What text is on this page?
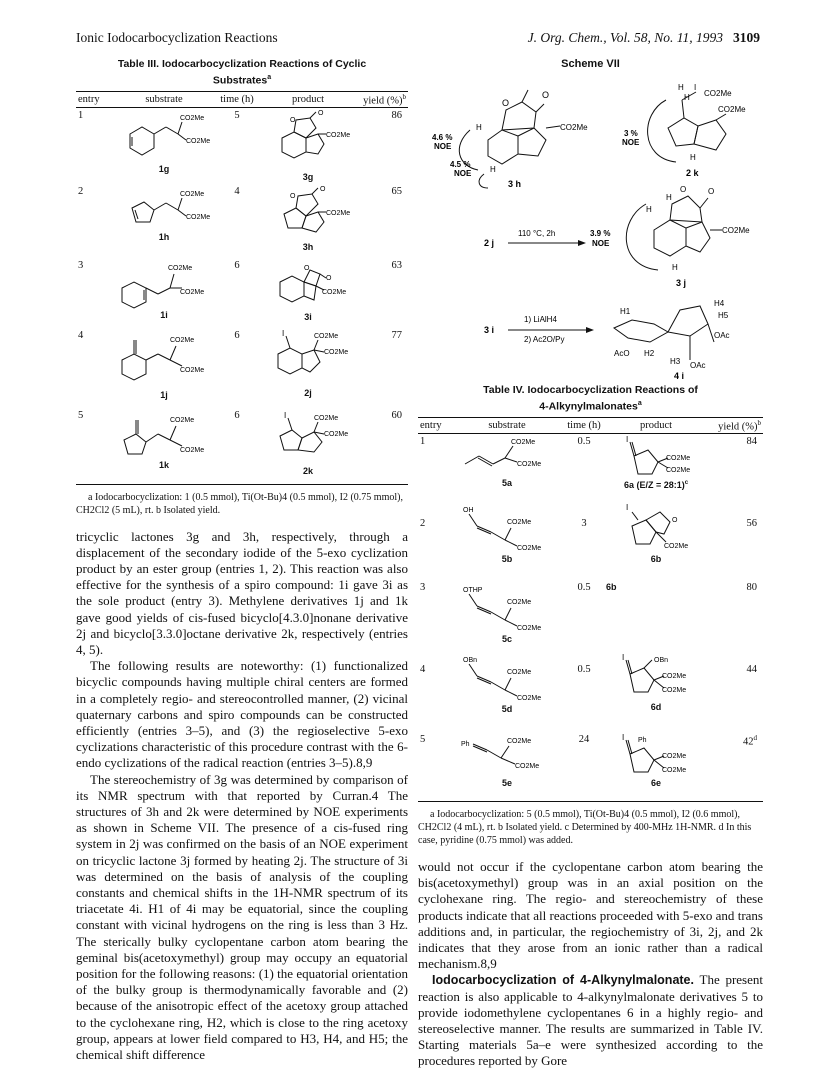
Ionic Iodocarbocyclization Reactions	J. Org. Chem., Vol. 58, No. 11, 1993 3109
Table III. Iodocarbocyclization Reactions of Cyclic
Substrates$^a$
entry	substrate	time (h)	product	yield (%)$^b$
1	CO2Me
CO2Me
1g	5	O
O
CO2Me
3g	86
2	CO2Me
CO2Me
1h	4	O
O
CO2Me
3h	65
3	CO2Me
CO2Me
1i	6	O
O
CO2Me
3i	63
4	CO2Me
CO2Me
1j	6	I CO2Me
CO2Me
2j	77
5	CO2Me
CO2Me
1k	6	I CO2Me
CO2Me
2k	60
a Iodocarbocyclization: 1 (0.5 mmol), Ti(Ot-Bu)4 (0.5 mmol), I2 (0.75 mmol), CH2Cl2 (5 mL), rt. b Isolated yield.

tricyclic lactones 3g and 3h, respectively, through a displacement of the secondary iodide of the 5-exo cyclization product by an ester group (entries 1, 2). This reaction was also effective for the synthesis of a spiro compound: 1i gave 3i as the sole product (entry 3). Methylene derivatives 1j and 1k gave good yields of cis-fused bicyclo[4.3.0]nonane derivative 2j and bicyclo[3.3.0]octane derivative 2k, respectively (entries 4, 5).

The following results are noteworthy: (1) functionalized bicyclic compounds having multiple chiral centers are formed in a completely regio- and stereocontrolled manner, (2) vicinal quaternary carbons and spiro compounds can be constructed efficiently (entries 3–5), and (3) the regioselective 5-exo cyclizations characteristic of this procedure contrast with the 6-endo cyclizations of the radical reaction (entries 3–5).8,9

The stereochemistry of 3g was determined by comparison of its NMR spectrum with that reported by Curran.4 The structures of 3h and 2k were determined by NOE experiments as shown in Scheme VII. The presence of a cis-fused ring system in 2j was confirmed on the basis of an NOE experiment on tricyclic lactone 3j formed by heating 2j. The structure of 3i was determined on the basis of analysis of the coupling constants and chemical shifts in the 1H-NMR spectrum of its triacetate 4i. H1 of 4i may be equatorial, since the coupling constant with vicinal hydrogens on the ring is less than 3 Hz. The sterically bulky cyclopentane carbon atom bearing the geminal bis(acetoxymethyl) group may occupy an equatorial position for the following reasons: (1) the equatorial orientation of the bulky group is thermodynamically favorable and (2) because of the anisotropic effect of the acetoxy group attached to the cyclohexane ring, H2, which is close to the ring acetoxy group, appears at lower field compared to H3, H4, and H5; the chemical shift difference

Scheme VII
O
O
CO2Me
H
H
4.6 %
NOE
4.5 %
NOE
3 h
H
H
I
CO2Me
CO2Me
H
3 %
NOE
2 k
2 j
110 °C, 2h	3.9 %
NOE
H
O	O
H
CO2Me
H
3 j
3 i
1) LiAlH4
2) Ac2O/Py
H1
H4
H5
OAc
AcO H2
H3 OAc
4 i
Table IV. Iodocarbocyclization Reactions of
4-Alkynylmalonates$^a$
entry	substrate	time (h)	product	yield (%)$^b$
1	CO2Me
CO2Me
5a	0.5	I
CO2Me
CO2Me
6a (E/Z = 28:1)$^c$	84
2	OH
CO2Me
CO2Me
5b	3	I
O
CO2Me
6b	56
3	OTHP
CO2Me
CO2Me
5c	0.5	6b	80
4	OBn
CO2Me
CO2Me
5d	0.5	I OBn
CO2Me
CO2Me
6d	44
5	Ph CO2Me
CO2Me
5e	24	I Ph
CO2Me
CO2Me
6e	42$^d$
a Iodocarbocyclization: 5 (0.5 mmol), Ti(Ot-Bu)4 (0.5 mmol), I2 (0.6 mmol), CH2Cl2 (4 mL), rt. b Isolated yield. c Determined by 400-MHz 1H-NMR. d In this case, pyridine (0.75 mmol) was added.

would not occur if the cyclopentane carbon atom bearing the bis(acetoxymethyl) group was in an axial position on the cyclohexane ring. The regio- and stereochemistry of these products indicate that all reactions proceeded with 5-exo and trans additions and, in particular, the regiochemistry of 3i, 2j, and 2k indicates that they arose from an ionic rather than a radical mechanism.8,9

Iodocarbocyclization of 4-Alkynylmalonate. The present reaction is also applicable to 4-alkynylmalonate derivatives 5 to provide iodomethylene cyclopentanes 6 in a highly regio- and stereoselective manner. The results are summarized in Table IV. Starting materials 5a–e were synthesized according to the procedures reported by Gore
